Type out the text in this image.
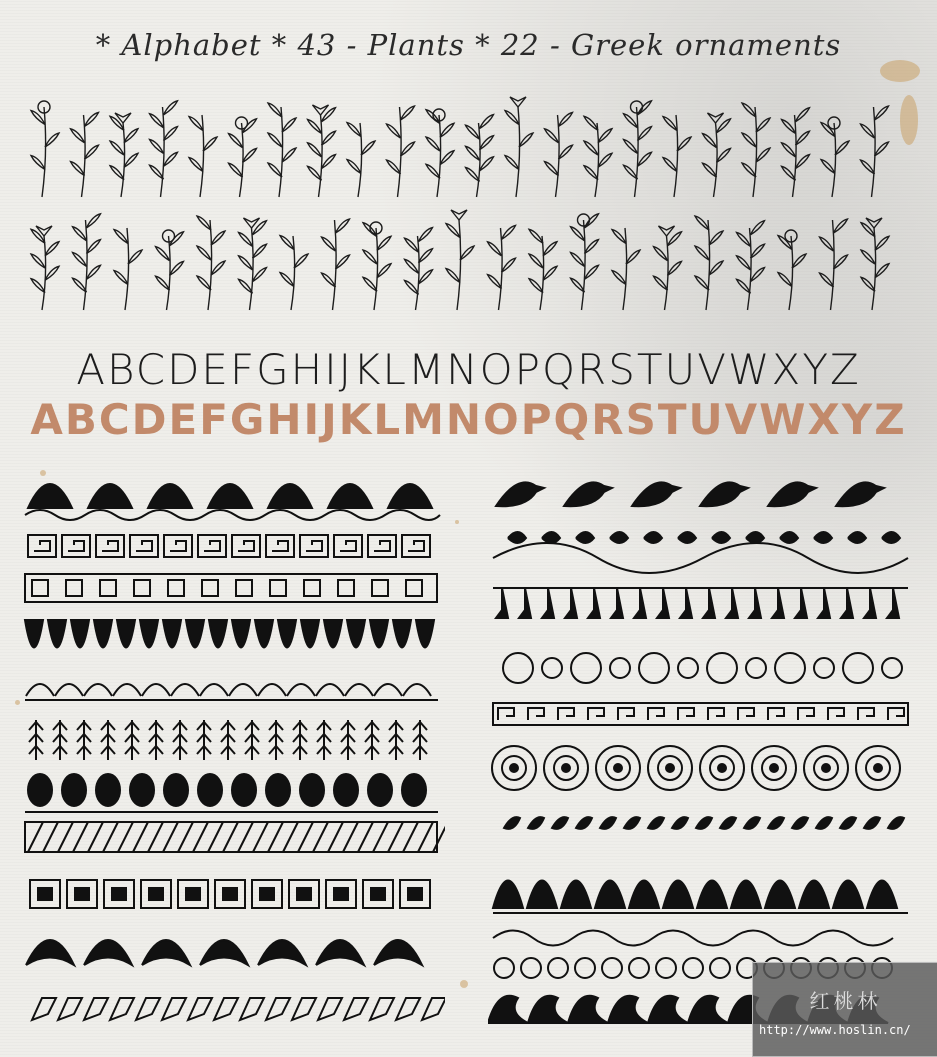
* Alphabet * 43 - Plants * 22 - Greek ornaments
ABCDEFGHIJKLMNOPQRSTUVWXYZ
ABCDEFGHIJKLMNOPQRSTUVWXYZ
红桃林
http://www.hoslin.cn/
